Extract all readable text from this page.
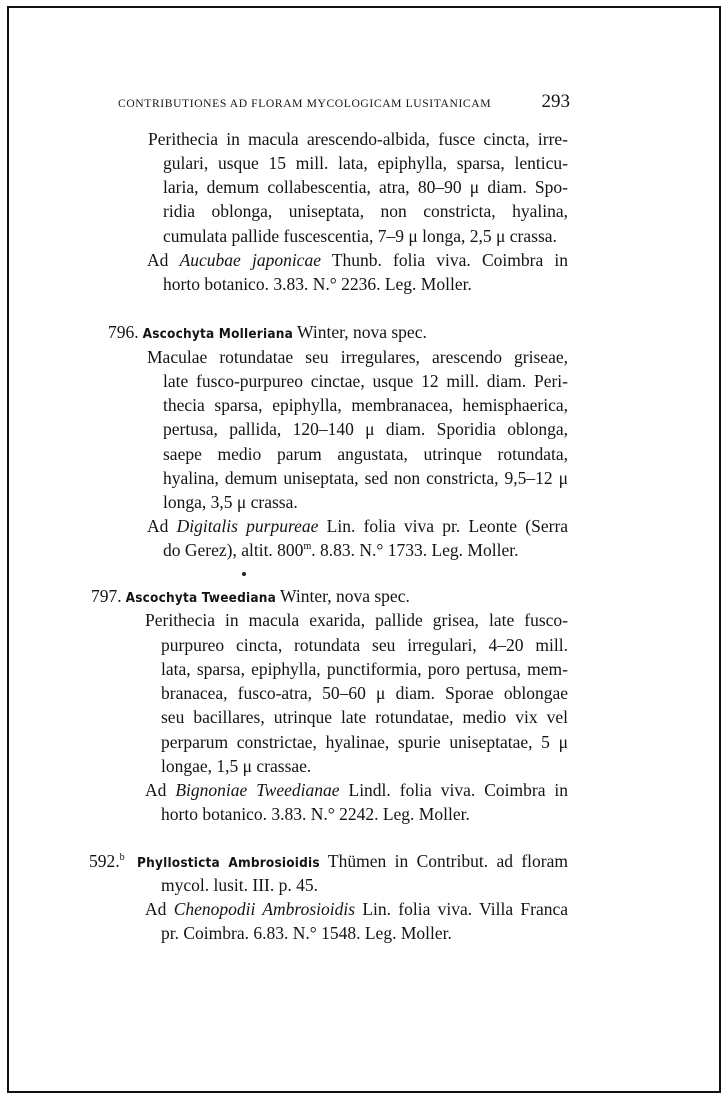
CONTRIBUTIONES AD FLORAM MYCOLOGICAM LUSITANICAM	293
Perithecia in macula arescendo-albida, fusce cincta, irre-
gulari, usque 15 mill. lata, epiphylla, sparsa, lenticu-
laria, demum collabescentia, atra, 80–90 μ diam. Spo-
ridia oblonga, uniseptata, non constricta, hyalina,
cumulata pallide fuscescentia, 7–9 μ longa, 2,5 μ crassa.
Ad Aucubae japonicae Thunb. folia viva. Coimbra in
horto botanico. 3.83. N.° 2236. Leg. Moller.
796. Ascochyta Molleriana Winter, nova spec.
Maculae rotundatae seu irregulares, arescendo griseae,
late fusco-purpureo cinctae, usque 12 mill. diam. Peri-
thecia sparsa, epiphylla, membranacea, hemisphaerica,
pertusa, pallida, 120–140 μ diam. Sporidia oblonga,
saepe medio parum angustata, utrinque rotundata,
hyalina, demum uniseptata, sed non constricta, 9,5–12 μ
longa, 3,5 μ crassa.
Ad Digitalis purpureae Lin. folia viva pr. Leonte (Serra
do Gerez), altit. 800$^m$. 8.83. N.° 1733. Leg. Moller.
797. Ascochyta Tweediana Winter, nova spec.
Perithecia in macula exarida, pallide grisea, late fusco-
purpureo cincta, rotundata seu irregulari, 4–20 mill.
lata, sparsa, epiphylla, punctiformia, poro pertusa, mem-
branacea, fusco-atra, 50–60 μ diam. Sporae oblongae
seu bacillares, utrinque late rotundatae, medio vix vel
perparum constrictae, hyalinae, spurie uniseptatae, 5 μ
longae, 1,5 μ crassae.
Ad Bignoniae Tweedianae Lindl. folia viva. Coimbra in
horto botanico. 3.83. N.° 2242. Leg. Moller.
592.$^b$ Phyllosticta Ambrosioidis Thümen in Contribut. ad floram
mycol. lusit. III. p. 45.
Ad Chenopodii Ambrosioidis Lin. folia viva. Villa Franca
pr. Coimbra. 6.83. N.° 1548. Leg. Moller.
